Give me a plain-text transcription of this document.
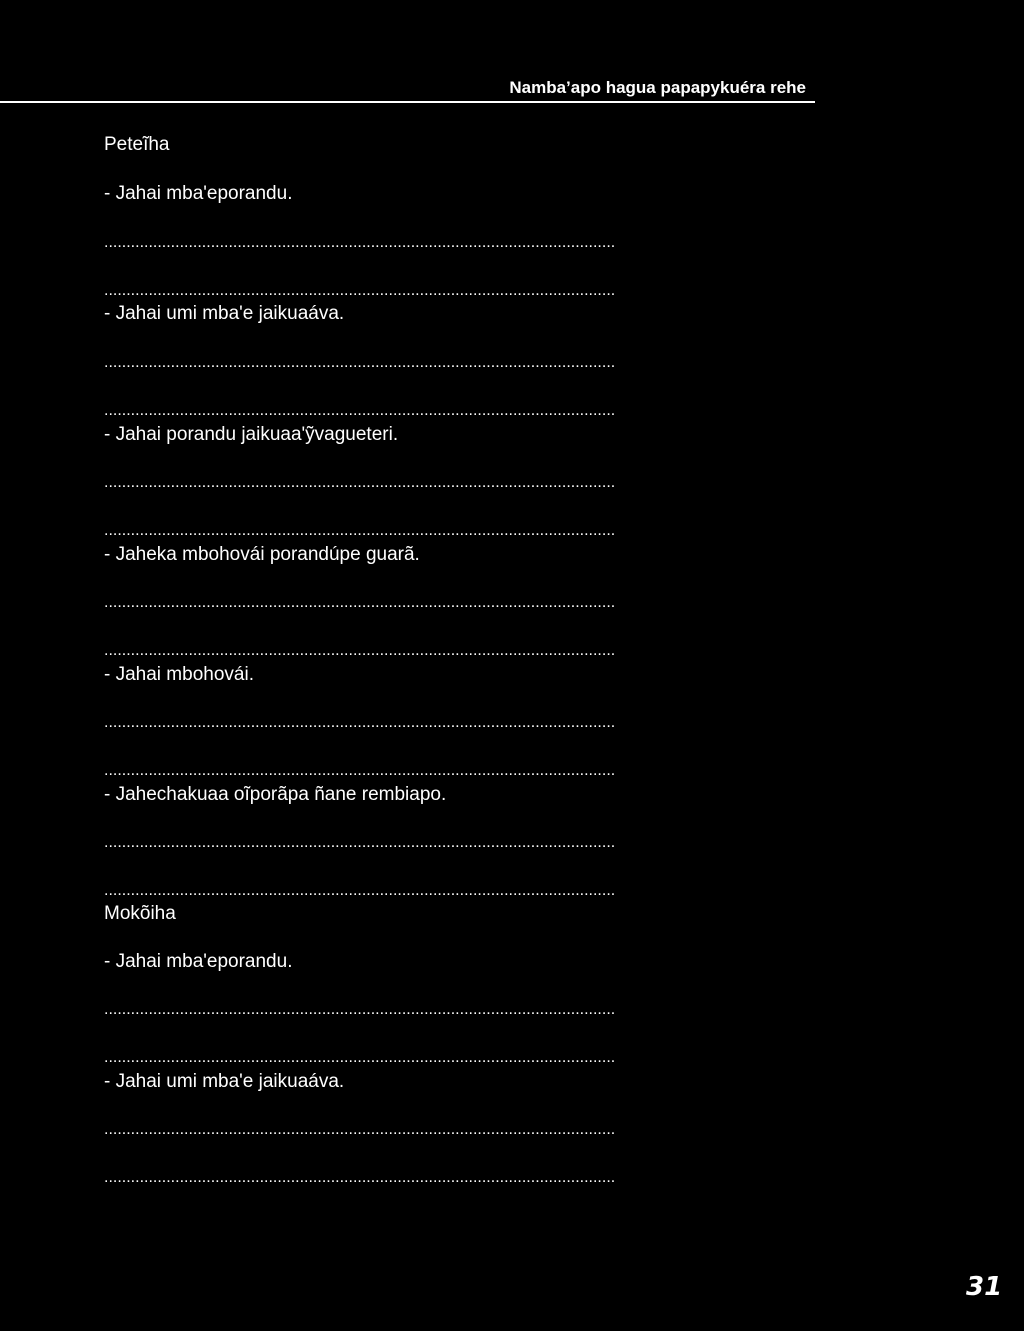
Namba’apo hagua papapykuéra rehe
Peteĩha
- Jahai mba'eporandu.
...................................................................................................................
...................................................................................................................
- Jahai umi mba'e jaikuaáva.
...................................................................................................................
...................................................................................................................
- Jahai porandu jaikuaa'ỹvagueteri.
...................................................................................................................
...................................................................................................................
- Jaheka mbohovái porandúpe guarã.
...................................................................................................................
...................................................................................................................
- Jahai mbohovái.
...................................................................................................................
...................................................................................................................
- Jahechakuaa oĩporãpa ñane rembiapo.
...................................................................................................................
...................................................................................................................
Mokõiha
- Jahai mba'eporandu.
...................................................................................................................
...................................................................................................................
- Jahai umi mba'e jaikuaáva.
...................................................................................................................
...................................................................................................................
31
